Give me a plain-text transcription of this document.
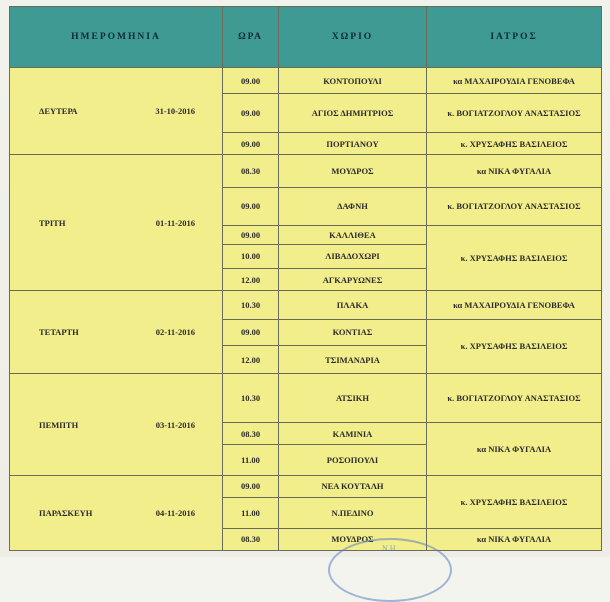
ΗΜΕΡΟΜΗΝΙΑ	ΩΡΑ	ΧΩΡΙΟ	ΙΑΤΡΟΣ

ΔΕΥΤΕΡΑ 31-10-2016	09.00	ΚΟΝΤΟΠΟΥΛΙ	κα ΜΑΧΑΙΡΟΥΔΙΑ ΓΕΝΟΒΕΦΑ
	09.00	ΑΓΙΟΣ ΔΗΜΗΤΡΙΟΣ	κ. ΒΟΓΙΑΤΖΟΓΛΟΥ ΑΝΑΣΤΑΣΙΟΣ
	09.00	ΠΟΡΤΙΑΝΟΥ	κ. ΧΡΥΣΑΦΗΣ ΒΑΣΙΛΕΙΟΣ

ΤΡΙΤΗ 01-11-2016	08.30	ΜΟΥΔΡΟΣ	κα ΝΙΚΑ ΦΥΓΑΛΙΑ
	09.00	ΔΑΦΝΗ	κ. ΒΟΓΙΑΤΖΟΓΛΟΥ ΑΝΑΣΤΑΣΙΟΣ
	09.00	ΚΑΛΛΙΘΕΑ	κ. ΧΡΥΣΑΦΗΣ ΒΑΣΙΛΕΙΟΣ
	10.00	ΛΙΒΑΔΟΧΩΡΙ	
	12.00	ΑΓΚΑΡΥΩΝΕΣ	

ΤΕΤΑΡΤΗ 02-11-2016	10.30	ΠΛΑΚΑ	κα ΜΑΧΑΙΡΟΥΔΙΑ ΓΕΝΟΒΕΦΑ
	09.00	ΚΟΝΤΙΑΣ	κ. ΧΡΥΣΑΦΗΣ ΒΑΣΙΛΕΙΟΣ
	12.00	ΤΣΙΜΑΝΔΡΙΑ	

ΠΕΜΠΤΗ 03-11-2016	10.30	ΑΤΣΙΚΗ	κ. ΒΟΓΙΑΤΖΟΓΛΟΥ ΑΝΑΣΤΑΣΙΟΣ
	08.30	ΚΑΜΙΝΙΑ	κα ΝΙΚΑ ΦΥΓΑΛΙΑ
	11.00	ΡΟΣΟΠΟΥΛΙ	

ΠΑΡΑΣΚΕΥΗ 04-11-2016	09.00	ΝΕΑ ΚΟΥΤΑΛΗ	κ. ΧΡΥΣΑΦΗΣ ΒΑΣΙΛΕΙΟΣ
	11.00	Ν.ΠΕΔΙΝΟ	
	08.30	ΜΟΥΔΡΟΣ	κα ΝΙΚΑ ΦΥΓΑΛΙΑ
Ν.Η
